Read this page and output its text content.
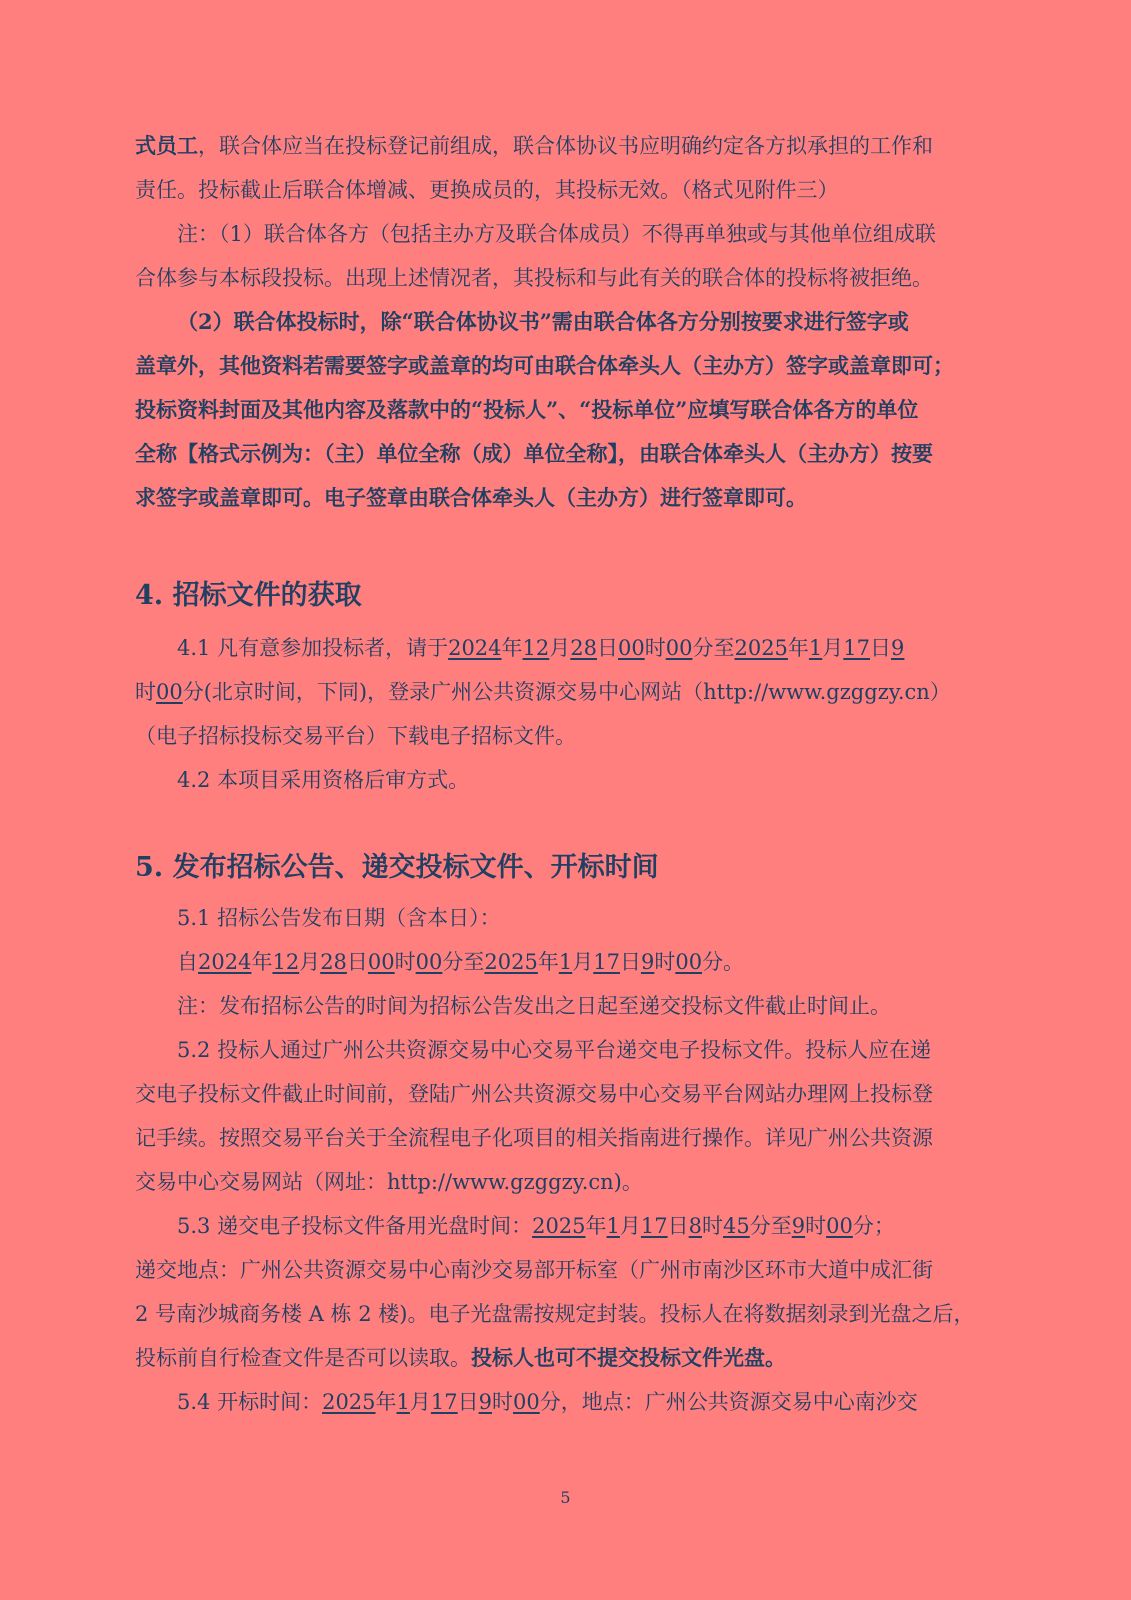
式员工，联合体应当在投标登记前组成，联合体协议书应明确约定各方拟承担的工作和
责任。投标截止后联合体增减、更换成员的，其投标无效。（格式见附件三）
注：（1）联合体各方（包括主办方及联合体成员）不得再单独或与其他单位组成联
合体参与本标段投标。出现上述情况者，其投标和与此有关的联合体的投标将被拒绝。
（2）联合体投标时，除“联合体协议书”需由联合体各方分别按要求进行签字或
盖章外，其他资料若需要签字或盖章的均可由联合体牵头人（主办方）签字或盖章即可；
投标资料封面及其他内容及落款中的“投标人”、“投标单位”应填写联合体各方的单位
全称【格式示例为：（主）单位全称（成）单位全称】，由联合体牵头人（主办方）按要
求签字或盖章即可。电子签章由联合体牵头人（主办方）进行签章即可。
4. 招标文件的获取
4.1 凡有意参加投标者，请于2024年12月28日00时00分至2025年1月17日9
时00分(北京时间，下同)，登录广州公共资源交易中心网站（http://www.gzggzy.cn）
（电子招标投标交易平台）下载电子招标文件。
4.2 本项目采用资格后审方式。
5. 发布招标公告、递交投标文件、开标时间
5.1 招标公告发布日期（含本日）：
自2024年12月28日00时00分至2025年1月17日9时00分。
注：发布招标公告的时间为招标公告发出之日起至递交投标文件截止时间止。
5.2 投标人通过广州公共资源交易中心交易平台递交电子投标文件。投标人应在递
交电子投标文件截止时间前，登陆广州公共资源交易中心交易平台网站办理网上投标登
记手续。按照交易平台关于全流程电子化项目的相关指南进行操作。详见广州公共资源
交易中心交易网站（网址：http://www.gzggzy.cn)。
5.3 递交电子投标文件备用光盘时间：2025年1月17日8时45分至9时00分；
递交地点：广州公共资源交易中心南沙交易部开标室（广州市南沙区环市大道中成汇街
2 号南沙城商务楼 A 栋 2 楼)。电子光盘需按规定封装。投标人在将数据刻录到光盘之后，
投标前自行检查文件是否可以读取。投标人也可不提交投标文件光盘。
5.4 开标时间：2025年1月17日9时00分，地点：广州公共资源交易中心南沙交
5
